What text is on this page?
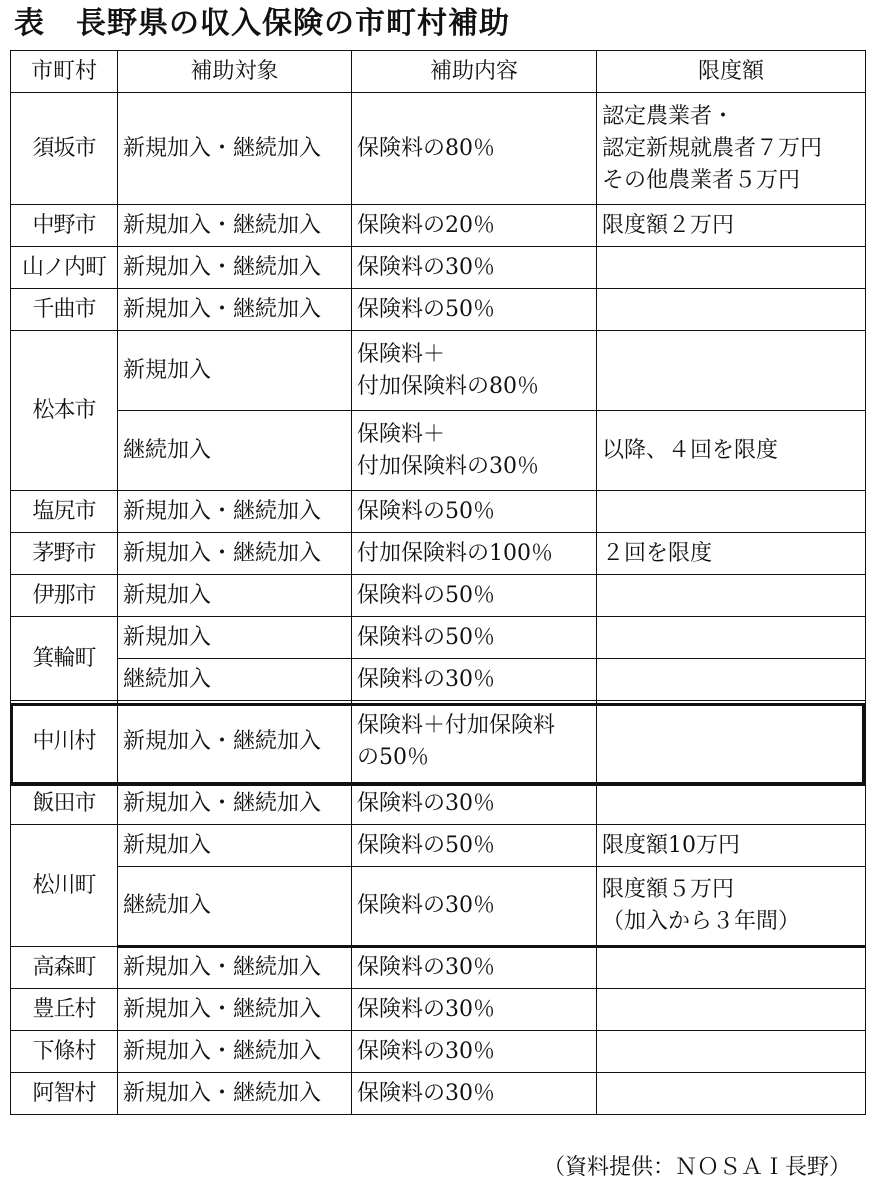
表　長野県の収入保険の市町村補助
市町村	補助対象	補助内容	限度額
須坂市	新規加入・継続加入	保険料の80％	認定農業者・
認定新規就農者７万円
その他農業者５万円

中野市	新規加入・継続加入	保険料の20％	限度額２万円
山ノ内町	新規加入・継続加入	保険料の30％	
千曲市	新規加入・継続加入	保険料の50％	
松本市	新規加入	保険料＋
付加保険料の80％	

	継続加入	保険料＋
付加保険料の30％	以降、４回を限度
塩尻市	新規加入・継続加入	保険料の50％	
茅野市	新規加入・継続加入	付加保険料の100％	２回を限度
伊那市	新規加入	保険料の50％	
箕輪町	新規加入	保険料の50％	
	継続加入	保険料の30％	
中川村	新規加入・継続加入	保険料＋付加保険料
の50％	

飯田市	新規加入・継続加入	保険料の30％	
松川町	新規加入	保険料の50％	限度額10万円
	継続加入	保険料の30％	限度額５万円
（加入から３年間）

高森町	新規加入・継続加入	保険料の30％	
豊丘村	新規加入・継続加入	保険料の30％	
下條村	新規加入・継続加入	保険料の30％	
阿智村	新規加入・継続加入	保険料の30％	
（資料提供：ＮＯＳＡＩ長野）
